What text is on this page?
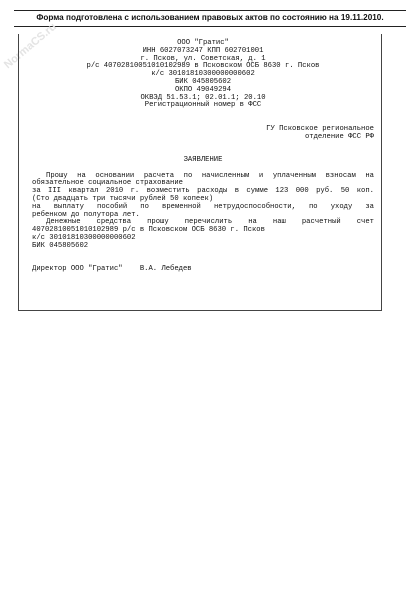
Форма подготовлена с использованием правовых актов по состоянию на 19.11.2010.
NormaCS.ru	ООО "Гратис"
ИНН 6027073247 КПП 602701001
г. Псков, ул. Советская, д. 1
р/с 40702810051010102989 в Псковском ОСБ 8630 г. Псков
к/с 30101810300000000602
БИК 045805602
ОКПО 49049294
ОКВЭД 51.53.1; 02.01.1; 20.10
Регистрационный номер в ФСС
ГУ Псковское региональное
отделение ФСС РФ
ЗАЯВЛЕНИЕ
Прошу на основании расчета по начисленным и уплаченным взносам на
обязательное социальное страхование
за III квартал 2010 г. возместить расходы в сумме 123 000 руб. 50 коп.
(Сто двадцать три тысячи рублей 50 копеек)
на выплату пособий по временной нетрудоспособности, по уходу за
ребенком до полутора лет.
Денежные средства прошу перечислить на наш расчетный счет
40702810051010102989 р/с в Псковском ОСБ 8630 г. Псков
к/с 30101810300000000602
БИК 045805602
Директор ООО "Гратис"    В.А. Лебедев
